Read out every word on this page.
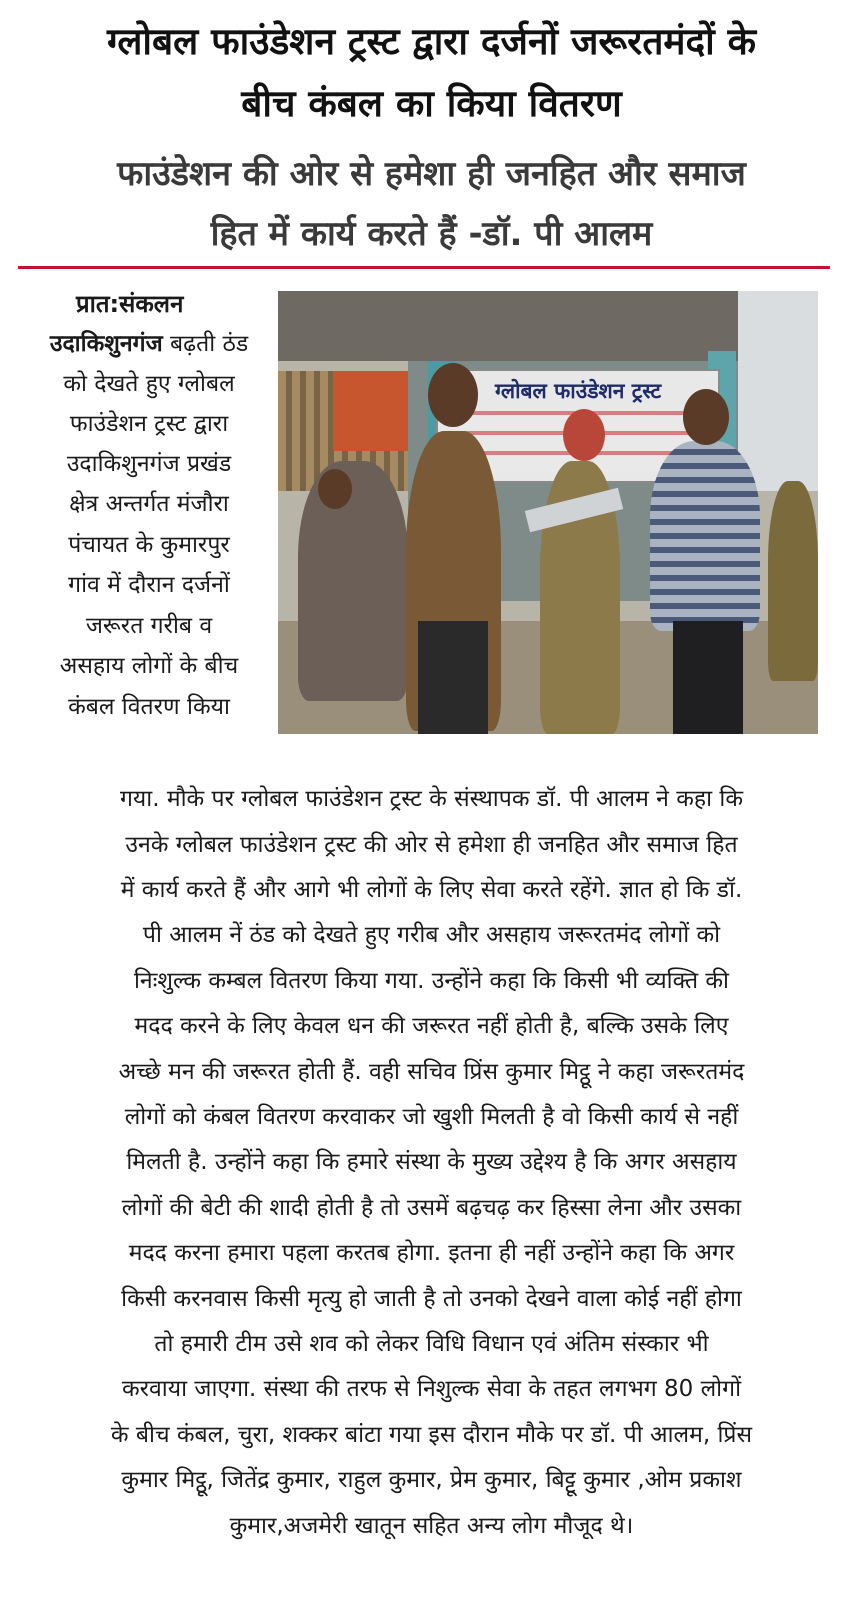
ग्लोबल फाउंडेशन ट्रस्ट द्वारा दर्जनों जरूरतमंदों के
बीच कंबल का किया वितरण
फाउंडेशन की ओर से हमेशा ही जनहित और समाज
हित में कार्य करते हैं -डॉ. पी आलम
प्रात:संकलन
उदाकिशुनगंज बढ़ती ठंड
को देखते हुए ग्लोबल
फाउंडेशन ट्रस्ट द्वारा
उदाकिशुनगंज प्रखंड
क्षेत्र अन्तर्गत मंजौरा
पंचायत के कुमारपुर
गांव में दौरान दर्जनों
जरूरत गरीब व
असहाय लोगों के बीच
कंबल वितरण किया
ग्लोबल फाउंडेशन ट्रस्ट
गया. मौके पर ग्लोबल फाउंडेशन ट्रस्ट के संस्थापक डॉ. पी आलम ने कहा कि
उनके ग्लोबल फाउंडेशन ट्रस्ट की ओर से हमेशा ही जनहित और समाज हित
में कार्य करते हैं और आगे भी लोगों के लिए सेवा करते रहेंगे. ज्ञात हो कि डॉ.
पी आलम नें ठंड को देखते हुए गरीब और असहाय जरूरतमंद लोगों को
निःशुल्क कम्बल वितरण किया गया. उन्होंने कहा कि किसी भी व्यक्ति की
मदद करने के लिए केवल धन की जरूरत नहीं होती है, बल्कि उसके लिए
अच्छे मन की जरूरत होती हैं. वही सचिव प्रिंस कुमार मिट्ठू ने कहा जरूरतमंद
लोगों को कंबल वितरण करवाकर जो खुशी मिलती है वो किसी कार्य से नहीं
मिलती है. उन्होंने कहा कि हमारे संस्था के मुख्य उद्देश्य है कि अगर असहाय
लोगों की बेटी की शादी होती है तो उसमें बढ़चढ़ कर हिस्सा लेना और उसका
मदद करना हमारा पहला करतब होगा. इतना ही नहीं उन्होंने कहा कि अगर
किसी करनवास किसी मृत्यु हो जाती है तो उनको देखने वाला कोई नहीं होगा
तो हमारी टीम उसे शव को लेकर विधि विधान एवं अंतिम संस्कार भी
करवाया जाएगा. संस्था की तरफ से निशुल्क सेवा के तहत लगभग 80 लोगों
के बीच कंबल, चुरा, शक्कर बांटा गया इस दौरान मौके पर डॉ. पी आलम, प्रिंस
कुमार मिट्ठू, जितेंद्र कुमार, राहुल कुमार, प्रेम कुमार, बिट्टू कुमार ,ओम प्रकाश
कुमार,अजमेरी खातून सहित अन्य लोग मौजूद थे।
